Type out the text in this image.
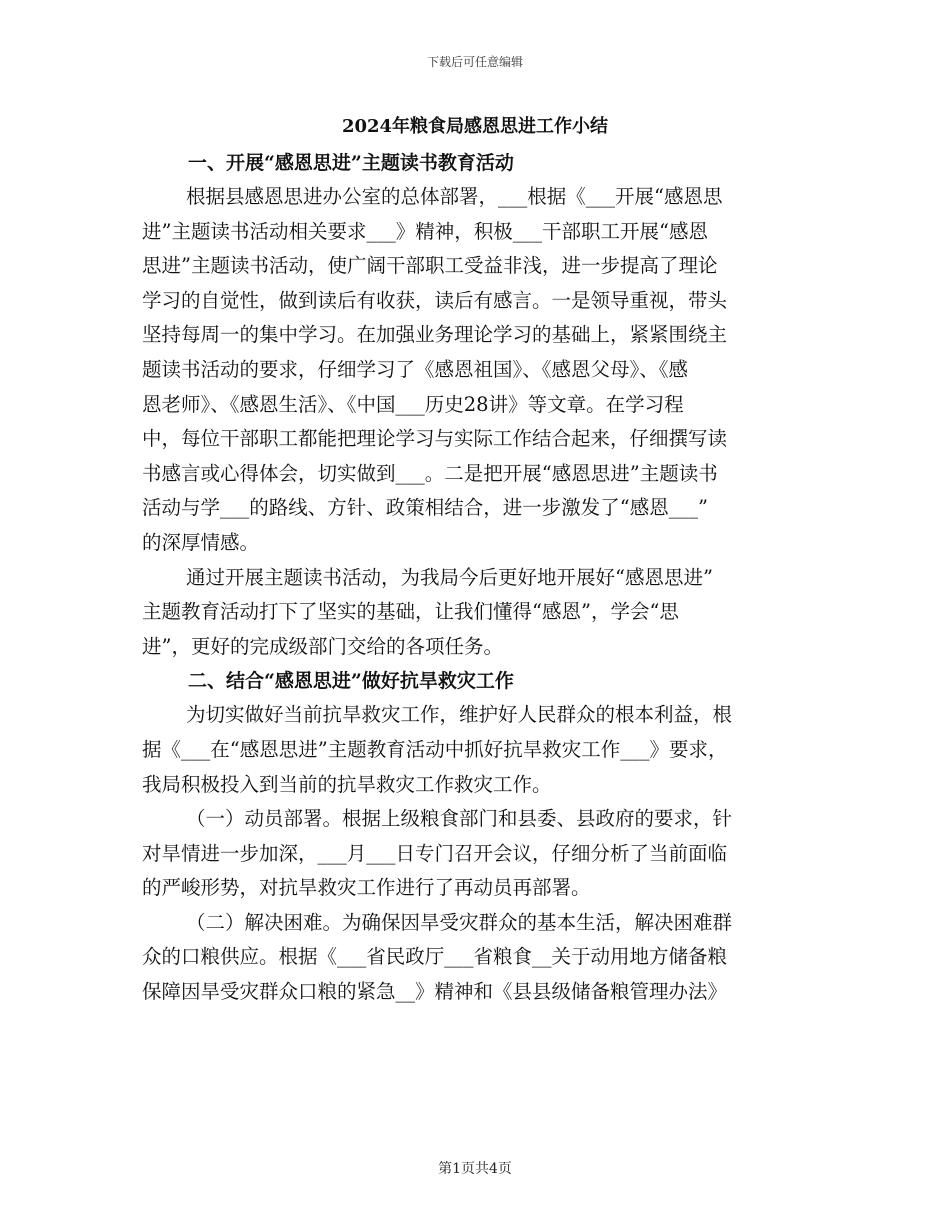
下载后可任意编辑
2024年粮食局感恩思进工作小结
一、开展“感恩思进”主题读书教育活动
根据县感恩思进办公室的总体部署，___根据《___开展“感恩思
进”主题读书活动相关要求___》精神，积极___干部职工开展“感恩
思进”主题读书活动，使广阔干部职工受益非浅，进一步提高了理论
学习的自觉性，做到读后有收获，读后有感言。一是领导重视，带头
坚持每周一的集中学习。在加强业务理论学习的基础上，紧紧围绕主
题读书活动的要求，仔细学习了《感恩祖国》、《感恩父母》、《感
恩老师》、《感恩生活》、《中国___历史28讲》等文章。在学习程
中，每位干部职工都能把理论学习与实际工作结合起来，仔细撰写读
书感言或心得体会，切实做到___。二是把开展“感恩思进”主题读书
活动与学___的路线、方针、政策相结合，进一步激发了“感恩___”
的深厚情感。
通过开展主题读书活动，为我局今后更好地开展好“感恩思进”
主题教育活动打下了坚实的基础，让我们懂得“感恩”，学会“思
进”，更好的完成级部门交给的各项任务。
二、结合“感恩思进”做好抗旱救灾工作
为切实做好当前抗旱救灾工作，维护好人民群众的根本利益，根
据《___在“感恩思进”主题教育活动中抓好抗旱救灾工作___》要求，
我局积极投入到当前的抗旱救灾工作救灾工作。
（一）动员部署。根据上级粮食部门和县委、县政府的要求，针
对旱情进一步加深，___月___日专门召开会议，仔细分析了当前面临
的严峻形势，对抗旱救灾工作进行了再动员再部署。
（二）解决困难。为确保因旱受灾群众的基本生活，解决困难群
众的口粮供应。根据《___省民政厅___省粮食__关于动用地方储备粮
保障因旱受灾群众口粮的紧急__》精神和《县县级储备粮管理办法》
第1页共4页
